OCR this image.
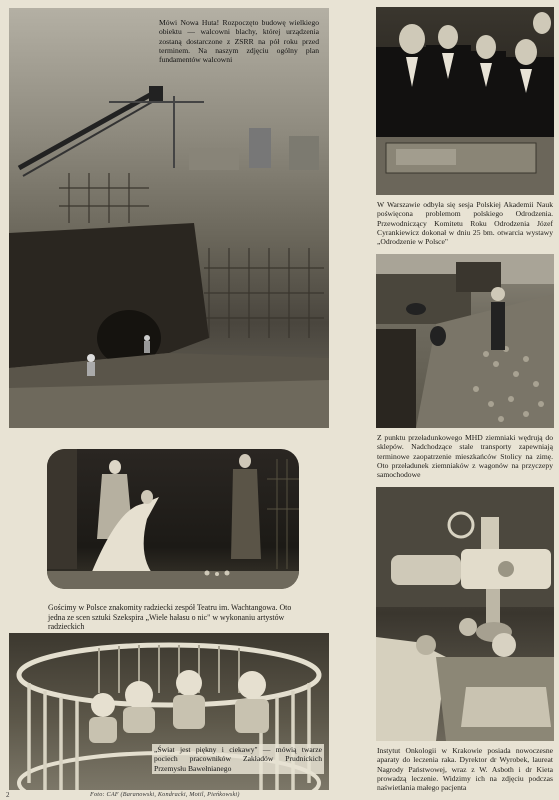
Mówi Nowa Huta! Rozpoczęto budowę wielkiego obiektu — walcowni blachy, której urządzenia zostaną dostarczone z ZSRR na pół roku przed terminem. Na naszym zdjęciu ogólny plan fundamentów walcowni
W Warszawie odbyła się sesja Polskiej Akademii Nauk poświęcona problemom polskiego Odrodzenia. Przewodniczący Komitetu Roku Odrodzenia Józef Cyrankiewicz dokonał w dniu 25 bm. otwarcia wystawy „Odrodzenie w Polsce"
Z punktu przeładunkowego MHD ziemniaki wędrują do sklepów. Nadchodzące stale transporty zapewniają terminowe zaopatrzenie mieszkańców Stolicy na zimę. Oto przeładunek ziemniaków z wagonów na przyczepy samochodowe
Gościmy w Polsce znakomity radziecki zespół Teatru im. Wachtangowa. Oto jedna ze scen sztuki Szekspira „Wiele hałasu o nic" w wykonaniu artystów radzieckich
„Świat jest piękny i ciekawy" — mówią twarze pociech pracowników Zakładów Prudnickich Przemysłu Bawełnianego
Instytut Onkologii w Krakowie posiada nowoczesne aparaty do leczenia raka. Dyrektor dr Wyrobek, laureat Nagrody Państwowej, wraz z W. Asboth i dr Kieta prowadzą leczenie. Widzimy ich na zdjęciu podczas naświetlania małego pacjenta
2	Foto: CAF (Baranowski, Kondracki, Motil, Pieńkowski)
